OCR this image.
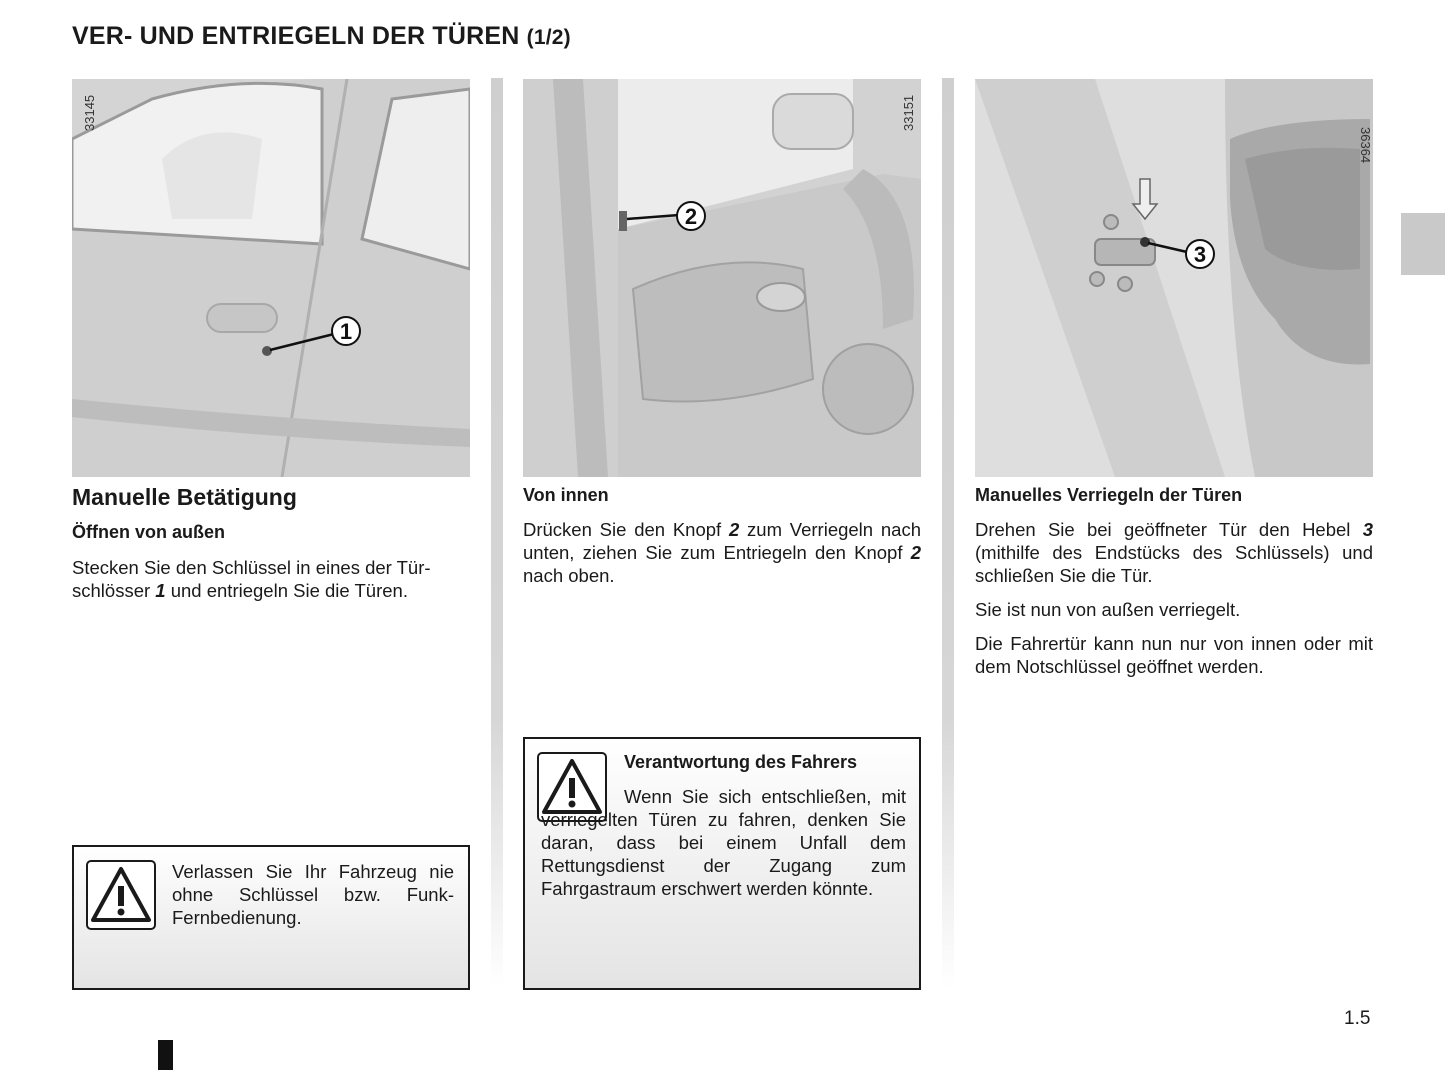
VER- UND ENTRIEGELN DER TÜREN (1/2)
1
33145
2
33151
3
36364
Manuelle Betätigung
Öffnen von außen
Stecken Sie den Schlüssel in eines der Tür-
schlösser 1 und entriegeln Sie die Türen.
Verlassen Sie Ihr Fahrzeug nie ohne Schlüssel bzw. Funk-Fernbedienung.
Von innen
Drücken Sie den Knopf 2 zum Verriegeln nach unten, ziehen Sie zum Entriegeln den Knopf 2 nach oben.
Verantwortung des Fahrers
Wenn Sie sich entschließen, mit verriegelten Türen zu fahren, denken Sie daran, dass bei einem Unfall dem Rettungsdienst der Zugang zum Fahrgastraum erschwert werden könnte.
Manuelles Verriegeln der Türen
Drehen Sie bei geöffneter Tür den Hebel 3 (mithilfe des Endstücks des Schlüssels) und schließen Sie die Tür.
Sie ist nun von außen verriegelt.
Die Fahrertür kann nun nur von innen oder mit dem Notschlüssel geöffnet werden.
1.5
